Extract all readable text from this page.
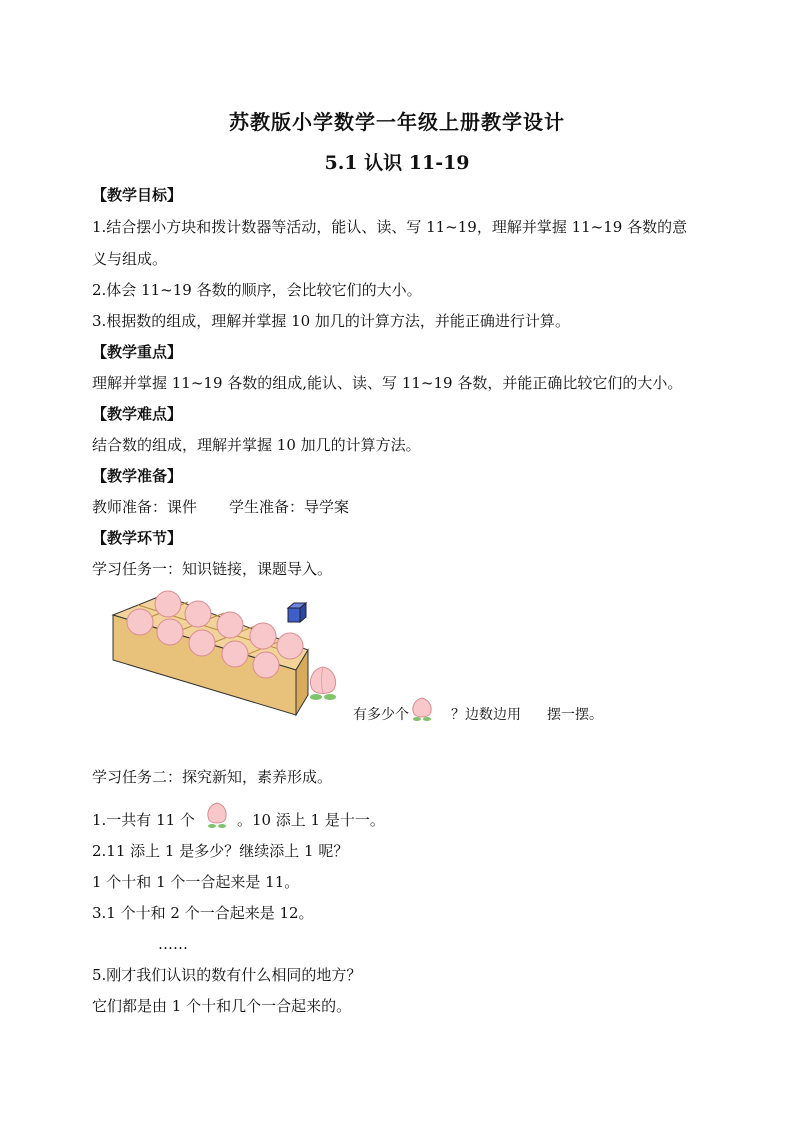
苏教版小学数学一年级上册教学设计
5.1 认识 11-19
【教学目标】
1.结合摆小方块和拨计数器等活动，能认、读、写 11~19，理解并掌握 11~19 各数的意
义与组成。
2.体会 11~19 各数的顺序，会比较它们的大小。
3.根据数的组成，理解并掌握 10 加几的计算方法，并能正确进行计算。
【教学重点】
理解并掌握 11~19 各数的组成,能认、读、写 11~19 各数，并能正确比较它们的大小。
【教学难点】
结合数的组成，理解并掌握 10 加几的计算方法。
【教学准备】
教师准备：课件 学生准备：导学案
【教学环节】
学习任务一：知识链接，课题导入。
有多少个	？边数边用 摆一摆。
学习任务二：探究新知，素养形成。
1.一共有 11 个	。10 添上 1 是十一。
2.11 添上 1 是多少？继续添上 1 呢？
1 个十和 1 个一合起来是 11。
3.1 个十和 2 个一合起来是 12。
……
5.刚才我们认识的数有什么相同的地方？
它们都是由 1 个十和几个一合起来的。
